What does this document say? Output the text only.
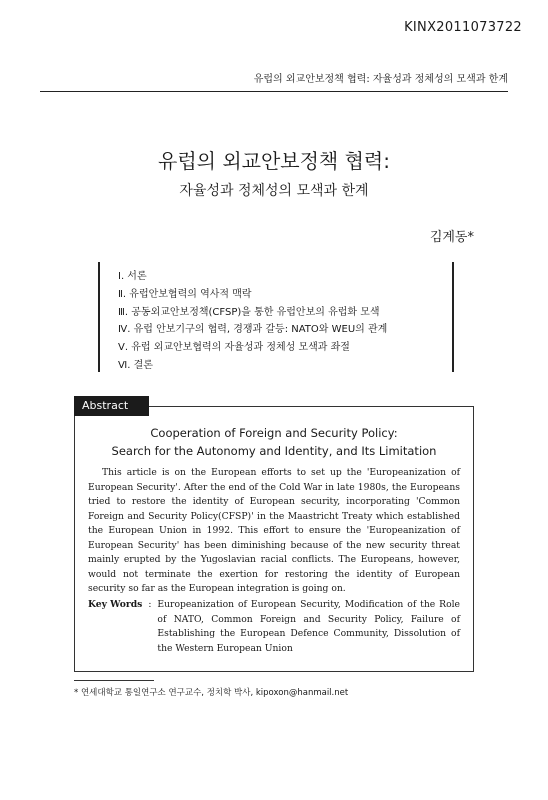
KINX2011073722
유럽의 외교안보정책 협력: 자율성과 정체성의 모색과 한계
유럽의 외교안보정책 협력:
자율성과 정체성의 모색과 한계
김계동*
Ⅰ. 서론
Ⅱ. 유럽안보협력의 역사적 맥락
Ⅲ. 공동외교안보정책(CFSP)을 통한 유럽안보의 유럽화 모색
Ⅳ. 유럽 안보기구의 협력, 경쟁과 갈등: NATO와 WEU의 관계
Ⅴ. 유럽 외교안보협력의 자율성과 정체성 모색과 좌절
Ⅵ. 결론
Abstract
Cooperation of Foreign and Security Policy:
Search for the Autonomy and Identity, and Its Limitation

This article is on the European efforts to set up the 'Europeanization of European Security'. After the end of the Cold War in late 1980s, the Europeans tried to restore the identity of European security, incorporating 'Common Foreign and Security Policy(CFSP)' in the Maastricht Treaty which established the European Union in 1992. This effort to ensure the 'Europeanization of European Security' has been diminishing because of the new security threat mainly erupted by the Yugoslavian racial conflicts. The Europeans, however, would not terminate the exertion for restoring the identity of European security so far as the European integration is going on.

Key Words : Europeanization of European Security, Modification of the Role of NATO, Common Foreign and Security Policy, Failure of Establishing the European Defence Community, Dissolution of the Western European Union
* 연세대학교 통일연구소 연구교수, 정치학 박사, kipoxon@hanmail.net
